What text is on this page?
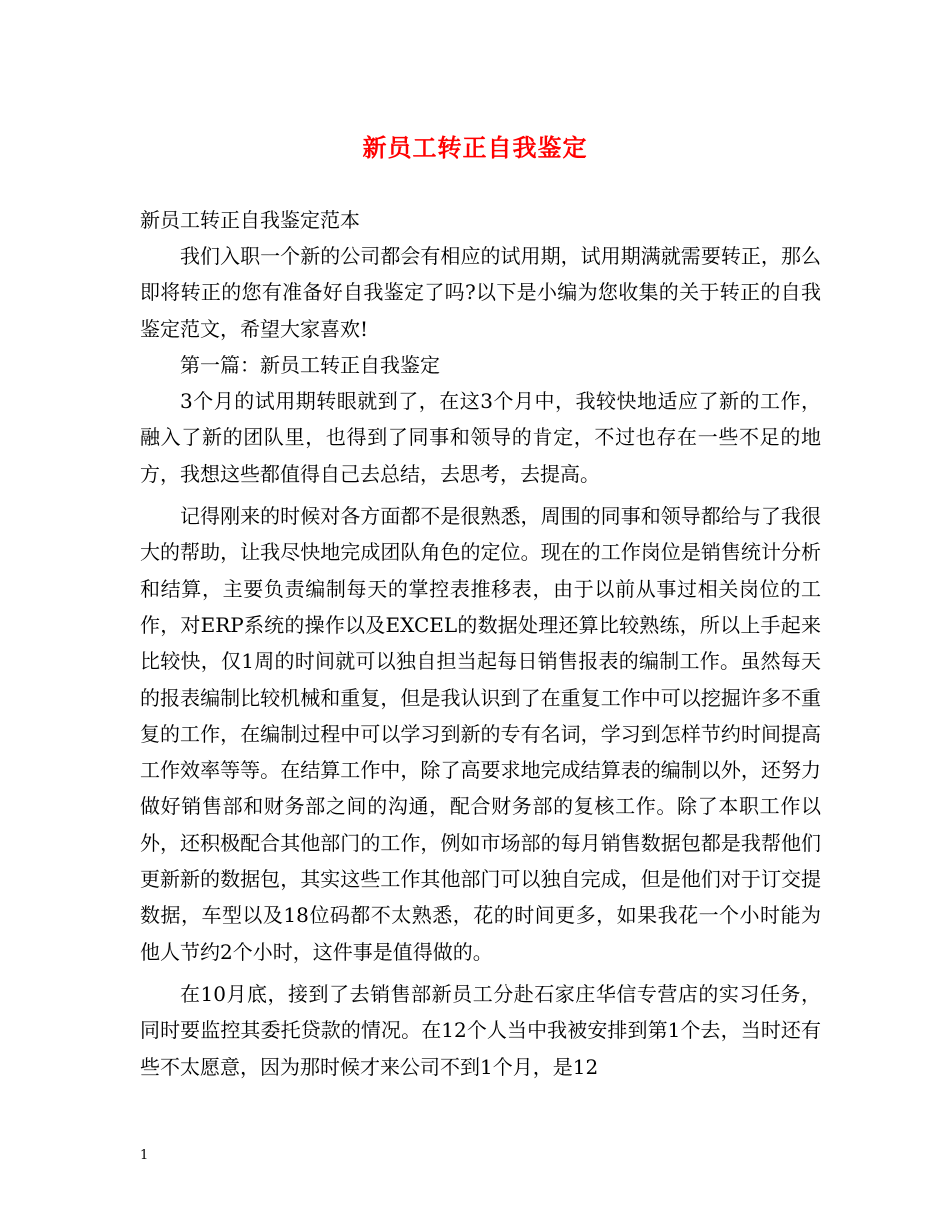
新员工转正自我鉴定

新员工转正自我鉴定范本

我们入职一个新的公司都会有相应的试用期，试用期满就需要转正，那么即将转正的您有准备好自我鉴定了吗?以下是小编为您收集的关于转正的自我鉴定范文，希望大家喜欢!

第一篇：新员工转正自我鉴定

3个月的试用期转眼就到了，在这3个月中，我较快地适应了新的工作，融入了新的团队里，也得到了同事和领导的肯定，不过也存在一些不足的地方，我想这些都值得自己去总结，去思考，去提高。

记得刚来的时候对各方面都不是很熟悉，周围的同事和领导都给与了我很大的帮助，让我尽快地完成团队角色的定位。现在的工作岗位是销售统计分析和结算，主要负责编制每天的掌控表推移表，由于以前从事过相关岗位的工作，对ERP系统的操作以及EXCEL的数据处理还算比较熟练，所以上手起来比较快，仅1周的时间就可以独自担当起每日销售报表的编制工作。虽然每天的报表编制比较机械和重复，但是我认识到了在重复工作中可以挖掘许多不重复的工作，在编制过程中可以学习到新的专有名词，学习到怎样节约时间提高工作效率等等。在结算工作中，除了高要求地完成结算表的编制以外，还努力做好销售部和财务部之间的沟通，配合财务部的复核工作。除了本职工作以外，还积极配合其他部门的工作，例如市场部的每月销售数据包都是我帮他们更新新的数据包，其实这些工作其他部门可以独自完成，但是他们对于订交提数据，车型以及18位码都不太熟悉，花的时间更多，如果我花一个小时能为他人节约2个小时，这件事是值得做的。

在10月底，接到了去销售部新员工分赴石家庄华信专营店的实习任务，同时要监控其委托贷款的情况。在12个人当中我被安排到第1个去，当时还有些不太愿意，因为那时候才来公司不到1个月，是12

1
